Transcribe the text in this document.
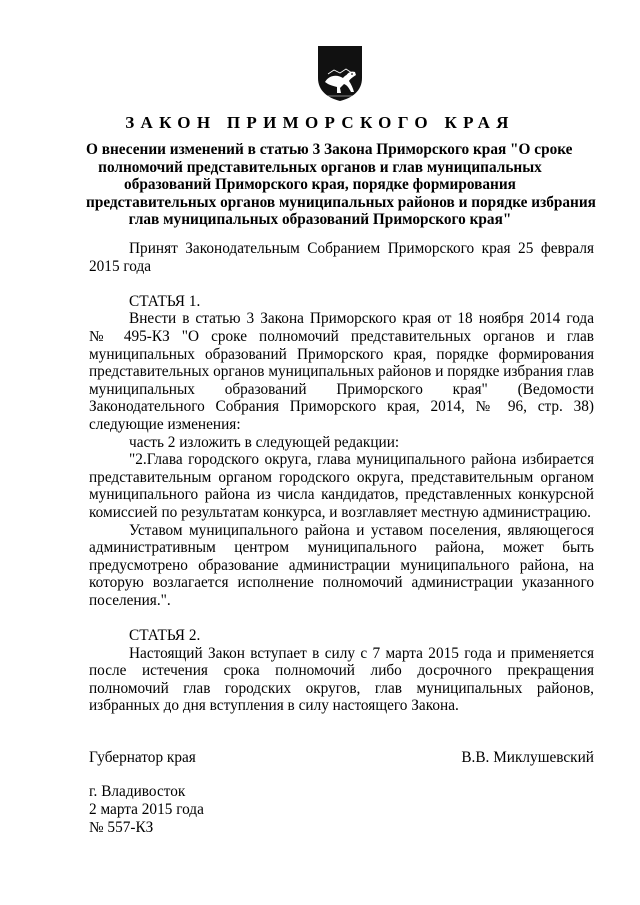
ЗАКОН ПРИМОРСКОГО КРАЯ
О внесении изменений в статью 3 Закона Приморского края "О сроке
полномочий представительных органов и глав муниципальных
образований Приморского края, порядке формирования
представительных органов муниципальных районов и порядке избрания
глав муниципальных образований Приморского края"

Принят Законодательным Собранием Приморского края 25 февраля

2015 года

СТАТЬЯ 1.

Внести в статью 3 Закона Приморского края от 18 ноября 2014 года

№ 495-КЗ "О сроке полномочий представительных органов и глав

муниципальных образований Приморского края, порядке формирования

представительных органов муниципальных районов и порядке избрания глав

муниципальных образований Приморского края" (Ведомости

Законодательного Собрания Приморского края, 2014, № 96, стр. 38)

следующие изменения:

часть 2 изложить в следующей редакции:

"2.Глава городского округа, глава муниципального района избирается

представительным органом городского округа, представительным органом

муниципального района из числа кандидатов, представленных конкурсной

комиссией по результатам конкурса, и возглавляет местную администрацию.

Уставом муниципального района и уставом поселения, являющегося

административным центром муниципального района, может быть

предусмотрено образование администрации муниципального района, на

которую возлагается исполнение полномочий администрации указанного

поселения.".

СТАТЬЯ 2.

Настоящий Закон вступает в силу с 7 марта 2015 года и применяется

после истечения срока полномочий либо досрочного прекращения

полномочий глав городских округов, глав муниципальных районов,

избранных до дня вступления в силу настоящего Закона.

Губернатор края	В.В. Миклушевский
г. Владивосток
2 марта 2015 года
№ 557-КЗ
